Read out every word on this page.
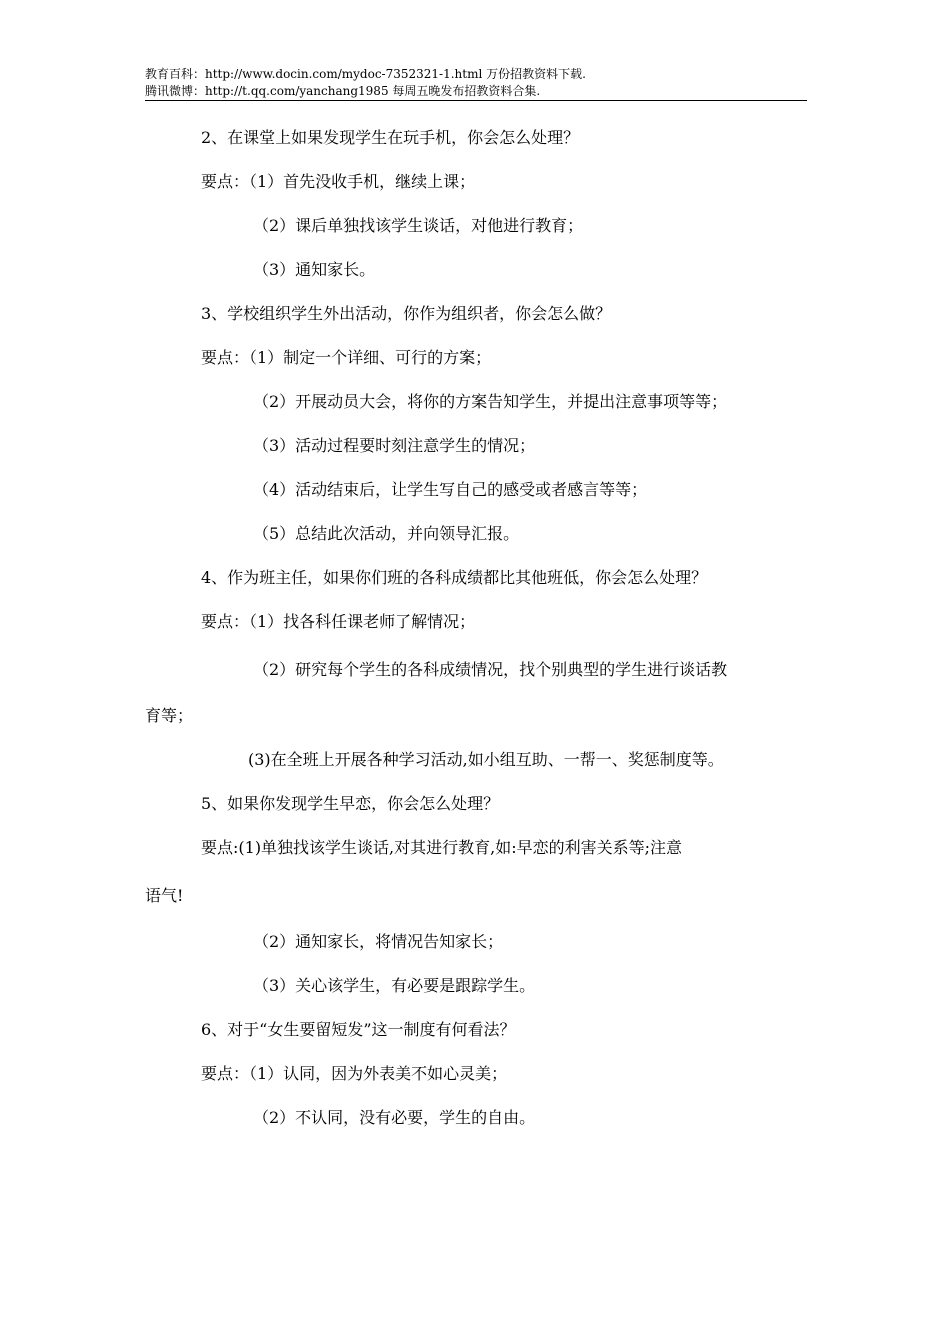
教育百科：http://www.docin.com/mydoc-7352321-1.html 万份招教资料下载.
腾讯微博：http://t.qq.com/yanchang1985 每周五晚发布招教资料合集.
2、在课堂上如果发现学生在玩手机，你会怎么处理？
要点：（1）首先没收手机，继续上课；
（2）课后单独找该学生谈话，对他进行教育；
（3）通知家长。
3、学校组织学生外出活动，你作为组织者，你会怎么做？
要点：（1）制定一个详细、可行的方案；
（2）开展动员大会，将你的方案告知学生，并提出注意事项等等；
（3）活动过程要时刻注意学生的情况；
（4）活动结束后，让学生写自己的感受或者感言等等；
（5）总结此次活动，并向领导汇报。
4、作为班主任，如果你们班的各科成绩都比其他班低，你会怎么处理？
要点：（1）找各科任课老师了解情况；
（2）研究每个学生的各科成绩情况，找个别典型的学生进行谈话教
育等；
(3)在全班上开展各种学习活动,如小组互助、一帮一、奖惩制度等。
5、如果你发现学生早恋，你会怎么处理？
要点:(1)单独找该学生谈话,对其进行教育,如:早恋的利害关系等;注意
语气!
（2）通知家长，将情况告知家长；
（3）关心该学生，有必要是跟踪学生。
6、对于“女生要留短发”这一制度有何看法？
要点：（1）认同，因为外表美不如心灵美；
（2）不认同，没有必要，学生的自由。
